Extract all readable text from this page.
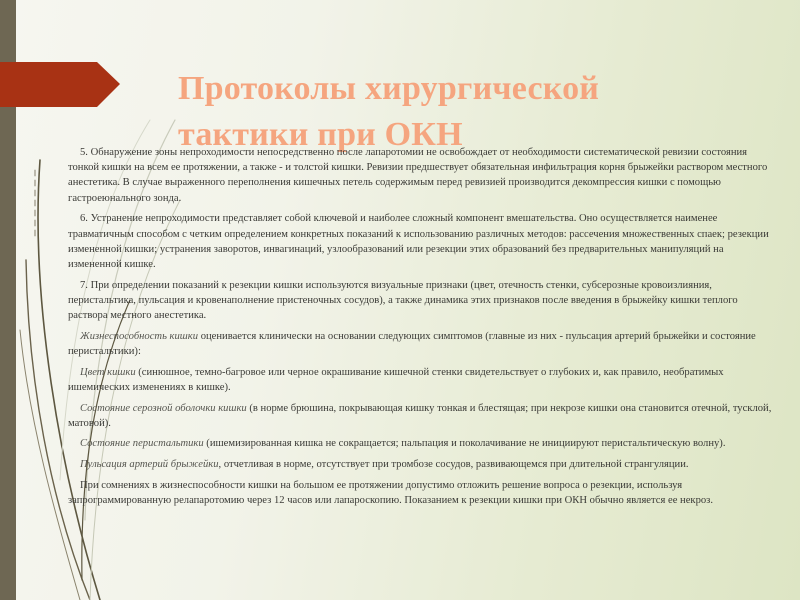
Протоколы хирургической тактики при ОКН

5. Обнаружение зоны непроходимости непосредственно после лапаротомии не освобождает от необходимости систематической ревизии состояния тонкой кишки на всем ее протяжении, а также - и толстой кишки. Ревизии предшествует обязательная инфильтрация корня брыжейки раствором местного анестетика. В случае выраженного переполнения кишечных петель содержимым перед ревизией производится декомпрессия кишки с помощью гастроеюнального зонда.

6. Устранение непроходимости представляет собой ключевой и наиболее сложный компонент вмешательства. Оно осуществляется наименее травматичным способом с четким определением конкретных показаний к использованию различных методов: рассечения множественных спаек; резекции измененной кишки; устранения заворотов, инвагинаций, узлообразований или резекции этих образований без предварительных манипуляций на измененной кишке.

7. При определении показаний к резекции кишки используются визуальные признаки (цвет, отечность стенки, субсерозные кровоизлияния, перистальтика, пульсация и кровенаполнение пристеночных сосудов), а также динамика этих признаков после введения в брыжейку кишки теплого раствора местного анестетика.

Жизнеспособность кишки оценивается клинически на основании следующих симптомов (главные из них - пульсация артерий брыжейки и состояние перистальтики):

Цвет кишки (синюшное, темно-багровое или черное окрашивание кишечной стенки свидетельствует о глубоких и, как правило, необратимых ишемических изменениях в кишке).

Состояние серозной оболочки кишки (в норме брюшина, покрывающая кишку тонкая и блестящая; при некрозе кишки она становится отечной, тусклой, матовой).

Состояние перистальтики (ишемизированная кишка не сокращается; пальпация и поколачивание не инициируют перистальтическую волну).

Пульсация артерий брыжейки, отчетливая в норме, отсутствует при тромбозе сосудов, развивающемся при длительной странгуляции.

При сомнениях в жизнеспособности кишки на большом ее протяжении допустимо отложить решение вопроса о резекции, используя запрограммированную релапаротомию через 12 часов или лапароскопию. Показанием к резекции кишки при ОКН обычно является ее некроз.
